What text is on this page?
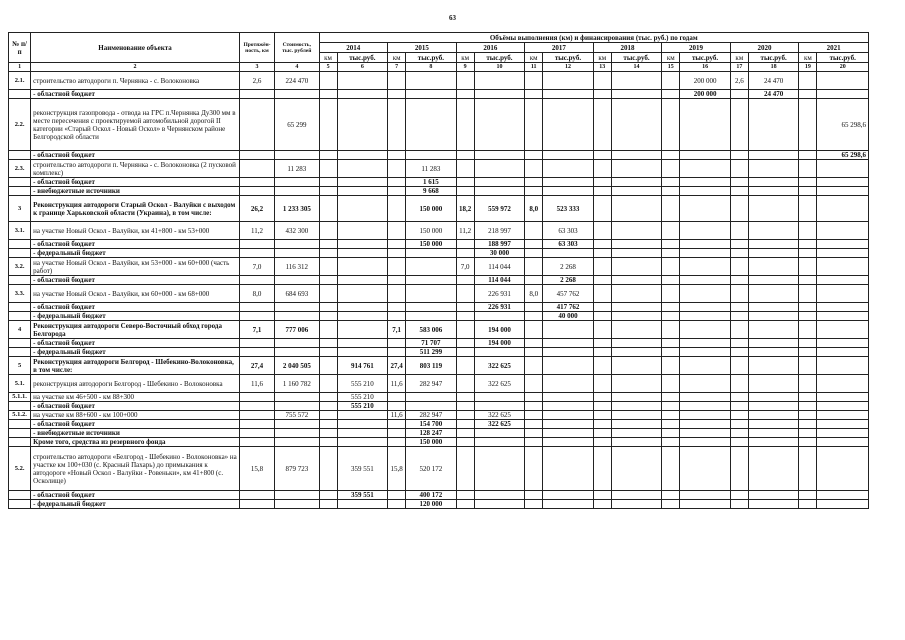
63
№ п/п	Наименование объекта	Протяжён-ность, км	Стоимость, тыс. рублей	Объёмы выполнения (км) и финансирования (тыс. руб.) по годам															
				2014		2015		2016		2017		2018		2019		2020		2021	
				км	тыс.руб.	км	тыс.руб.	км	тыс.руб.	км	тыс.руб.	км	тыс.руб.	км	тыс.руб.	км	тыс.руб.	км	тыс.руб.
1	2	3	4	5	6	7	8	9	10	11	12	13	14	15	16	17	18	19	20
2.1.	строительство автодороги п. Чернянка - с. Волоконовка	2,6	224 470												200 000	2,6	24 470		
	- областной бюджет														200 000		24 470		
2.2.	реконструкция газопровода - отвода на ГРС п.Чернянка Ду300 мм в месте пересечения с проектируемой автомобильной дорогой II категории «Старый Оскол - Новый Оскол» в Чернянском районе Белгородской области		65 299																65 298,6
	- областной бюджет																		65 298,6
2.3.	строительство автодороги п. Чернянка - с. Волоконовка (2 пусковой комплекс)		11 283				11 283												
	- областной бюджет						1 615												
	- внебюджетные источники						9 668												
3	Реконструкция автодороги Старый Оскол - Валуйки с выходом к границе Харьковской области (Украина), в том числе:	26,2	1 233 305				150 000	18,2	559 972	8,0	523 333								
3.1.	на участке Новый Оскол - Валуйки, км 41+800 - км 53+000	11,2	432 300				150 000	11,2	218 997		63 303								
	- областной бюджет						150 000		188 997		63 303								
	- федеральный бюджет								30 000										
3.2.	на участке Новый Оскол - Валуйки, км 53+000 - км 60+000 (часть работ)	7,0	116 312					7,0	114 044		2 268								
	- областной бюджет								114 044		2 268								
3.3.	на участке Новый Оскол - Валуйки, км 60+000 - км 68+000	8,0	684 693						226 931	8,0	457 762								
	- областной бюджет								226 931		417 762								
	- федеральный бюджет										40 000								
4	Реконструкция автодороги Северо-Восточный обход города Белгорода	7,1	777 006			7,1	583 006		194 000										
	- областной бюджет						71 707		194 000										
	- федеральный бюджет						511 299												
5	Реконструкция автодороги Белгород - Шебекино-Волоконовка, в том числе:	27,4	2 040 505		914 761	27,4	803 119		322 625										
5.1.	реконструкция автодороги Белгород - Шебекино - Волоконовка	11,6	1 160 782		555 210	11,6	282 947		322 625										
5.1.1.	на участке км 46+500 - км 88+300				555 210														
	- областной бюджет				555 210														
5.1.2.	на участке км 88+600 - км 100+000		755 572			11,6	282 947		322 625										
	- областной бюджет						154 700		322 625										
	- внебюджетные источники						128 247												
	Кроме того, средства из резервного фонда						150 000												
5.2.	строительство автодороги «Белгород - Шебекино - Волоконовка» на участке км 100+030 (с. Красный Пахарь) до примыкания к автодороге «Новый Оскол - Валуйки - Ровеньки», км 41+800 (с. Осколище)	15,8	879 723		359 551	15,8	520 172												
	- областной бюджет				359 551		400 172												
	- федеральный бюджет						120 000												
